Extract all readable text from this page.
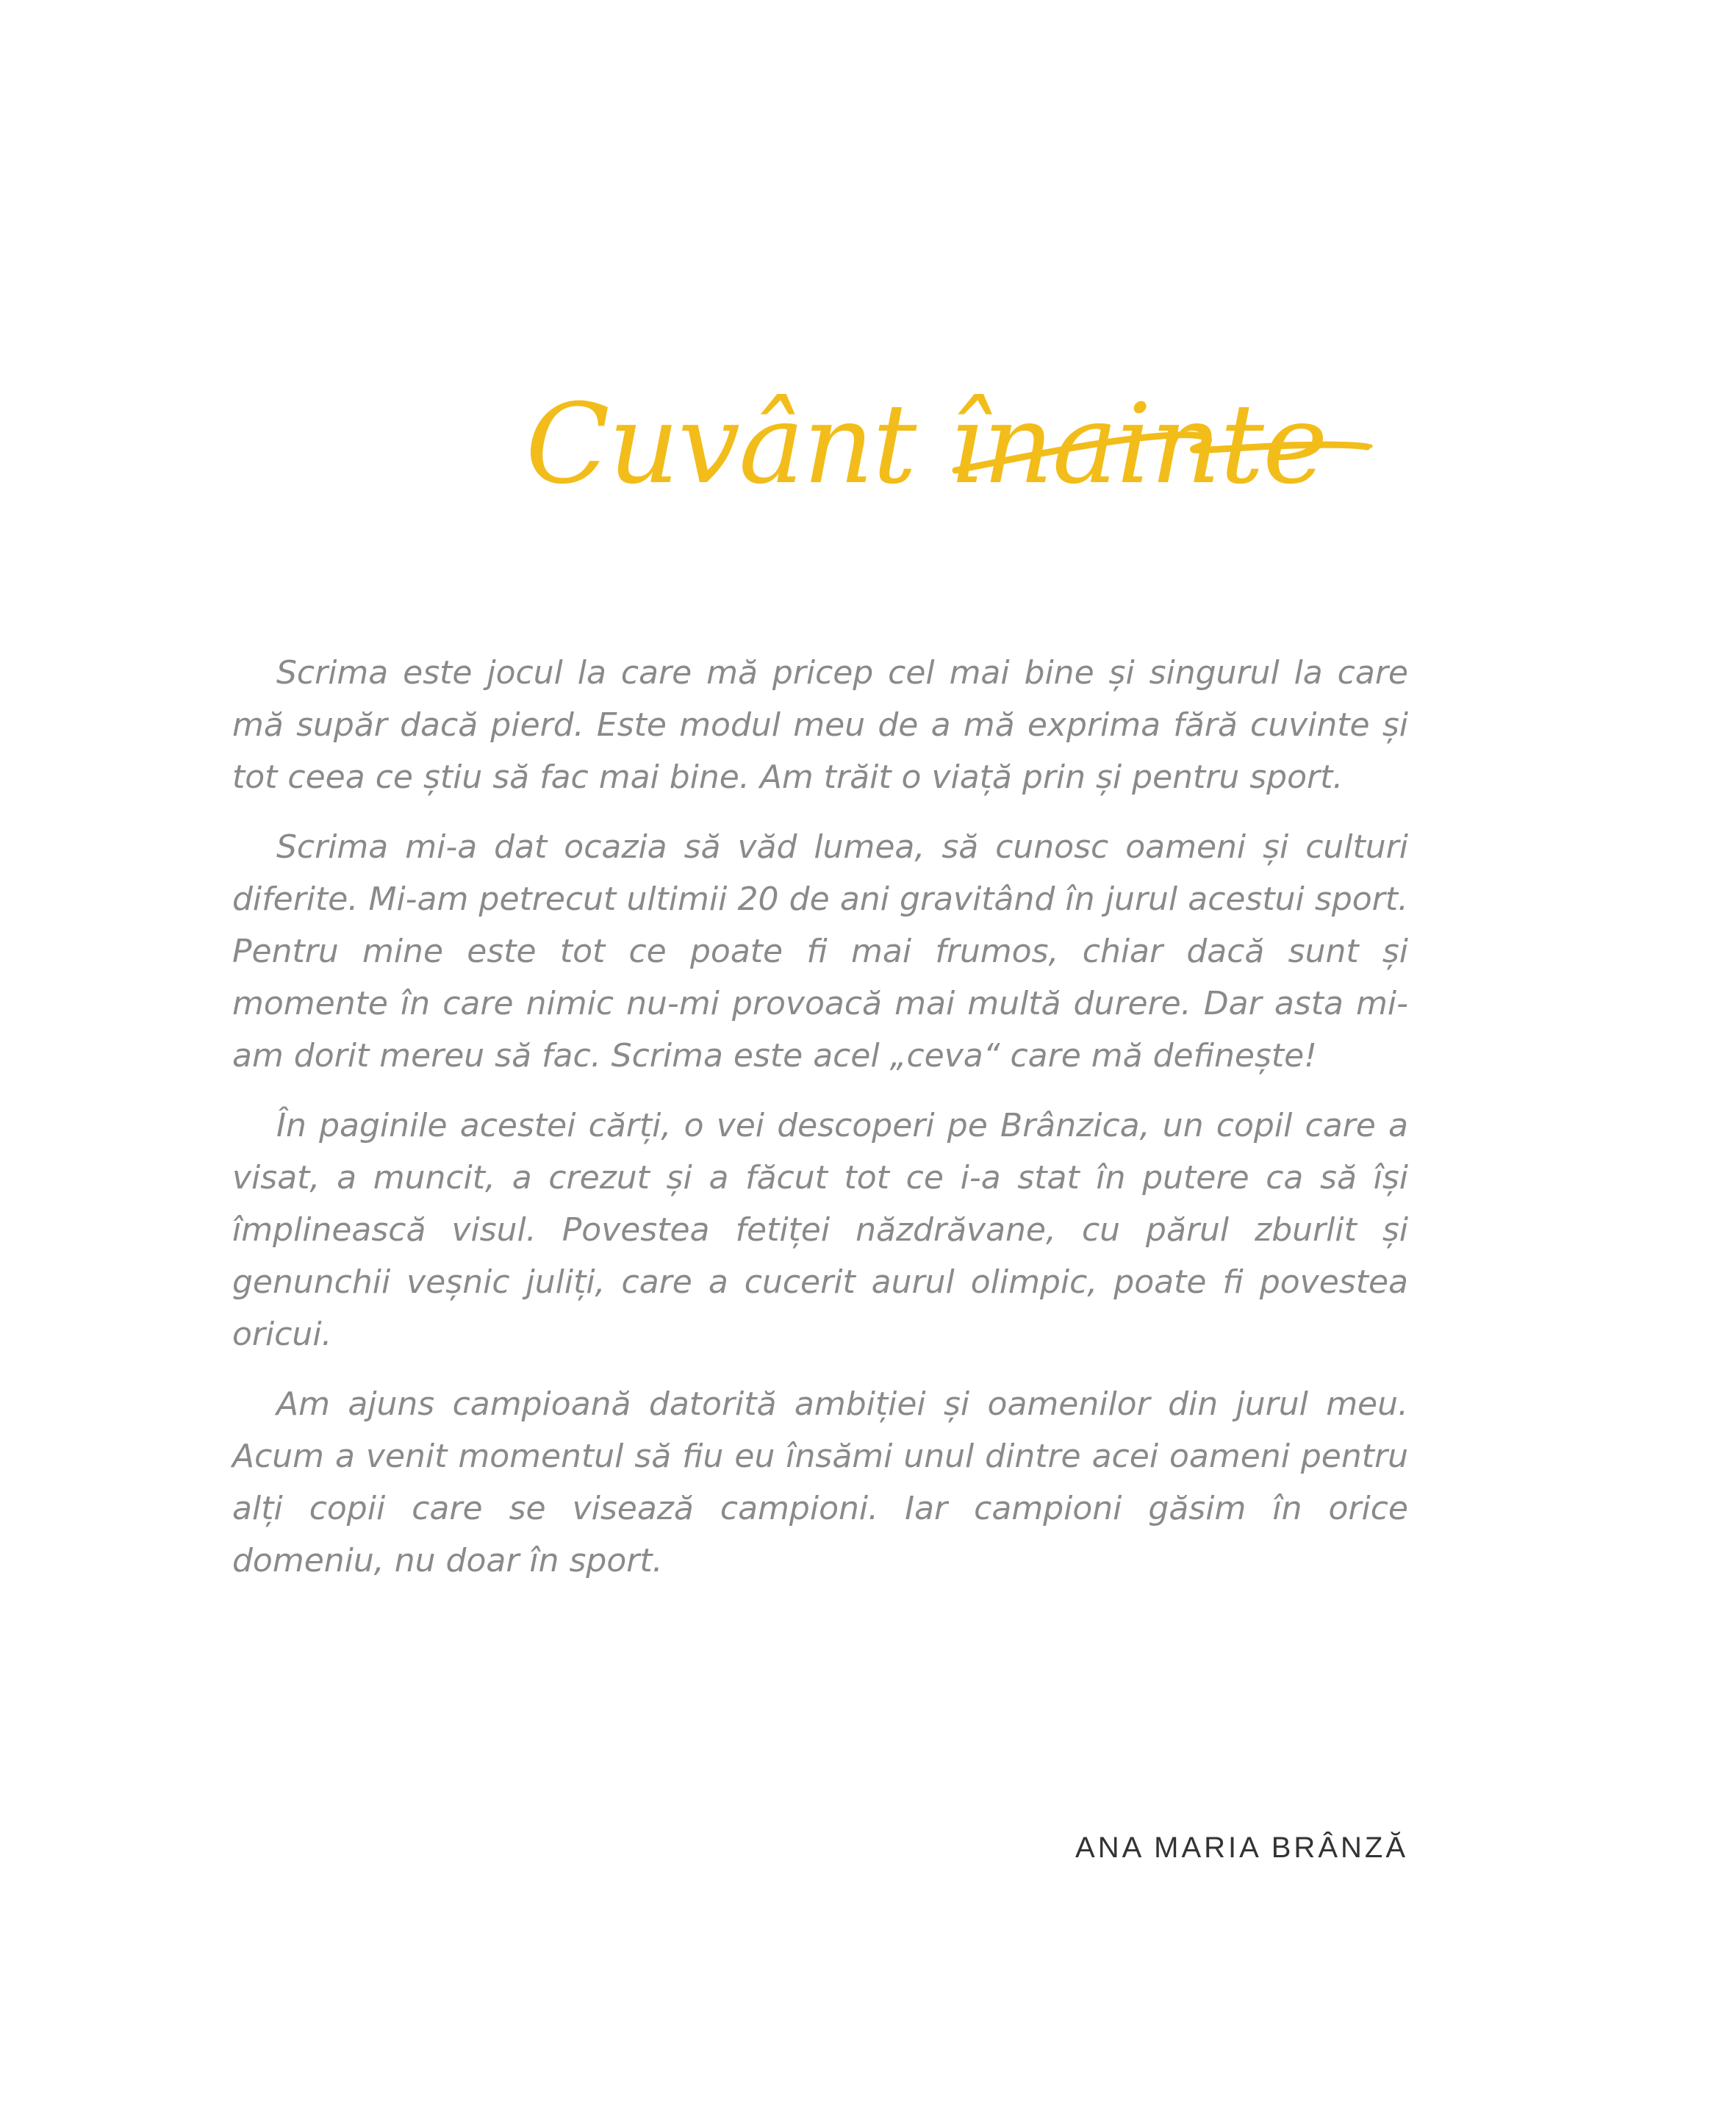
Cuvânt înainte

Scrima este jocul la care mă pricep cel mai bine și singurul la care mă supăr dacă pierd. Este modul meu de a mă exprima fără cuvinte și tot ceea ce știu să fac mai bine. Am trăit o viață prin și pentru sport.

Scrima mi-a dat ocazia să văd lumea, să cunosc oameni și culturi diferite. Mi-am petrecut ultimii 20 de ani gravitând în jurul acestui sport. Pentru mine este tot ce poate fi mai frumos, chiar dacă sunt și momente în care nimic nu-mi provoacă mai multă durere. Dar asta mi-am dorit mereu să fac. Scrima este acel „ceva“ care mă definește!

În paginile acestei cărți, o vei descoperi pe Brânzica, un copil care a visat, a muncit, a crezut și a făcut tot ce i-a stat în putere ca să își împlinească visul. Povestea fetiței năzdrăvane, cu părul zburlit și genunchii veșnic juliți, care a cucerit aurul olimpic, poate fi povestea oricui.

Am ajuns campioană datorită ambiției și oamenilor din jurul meu. Acum a venit momentul să fiu eu însămi unul dintre acei oameni pentru alți copii care se visează campioni. Iar campioni găsim în orice domeniu, nu doar în sport.

ANA MARIA BRÂNZĂ
